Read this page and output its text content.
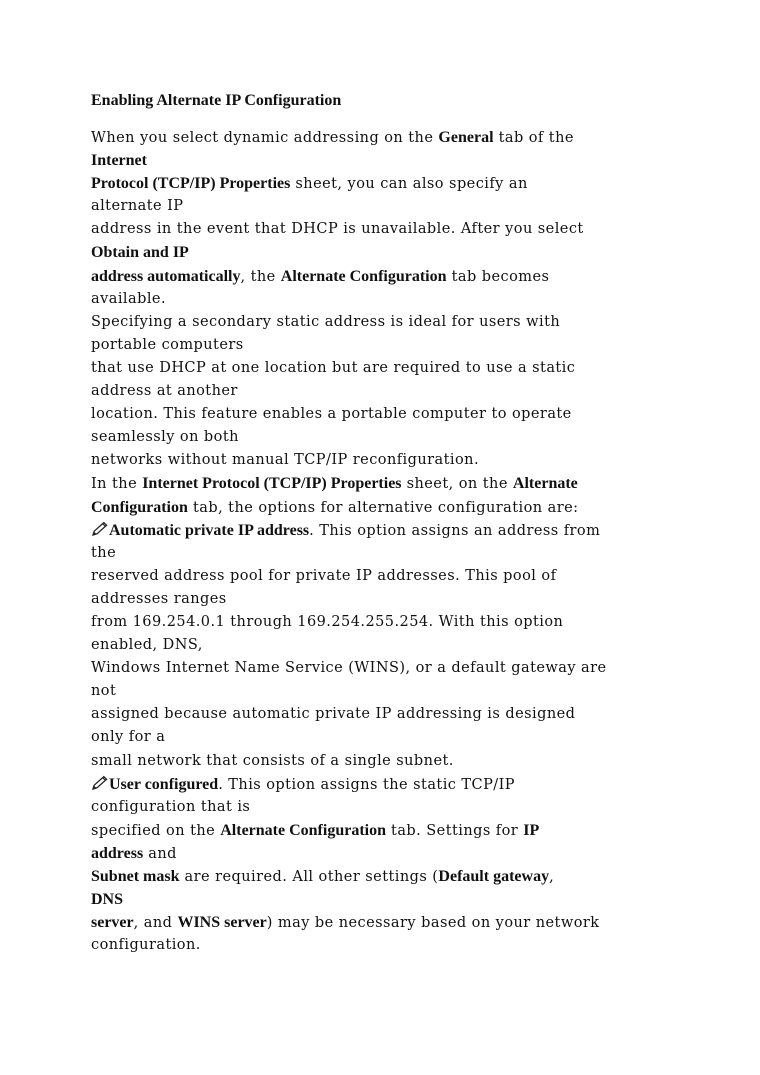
Enabling Alternate IP Configuration
When you select dynamic addressing on the General tab of the
Internet
Protocol (TCP/IP) Properties sheet, you can also specify an
alternate IP
address in the event that DHCP is unavailable. After you select
Obtain and IP
address automatically, the Alternate Configuration tab becomes
available.
Specifying a secondary static address is ideal for users with
portable computers
that use DHCP at one location but are required to use a static
address at another
location. This feature enables a portable computer to operate
seamlessly on both
networks without manual TCP/IP reconfiguration.
In the Internet Protocol (TCP/IP) Properties sheet, on the Alternate
Configuration tab, the options for alternative configuration are:
Automatic private IP address. This option assigns an address from
the
reserved address pool for private IP addresses. This pool of
addresses ranges
from 169.254.0.1 through 169.254.255.254. With this option
enabled, DNS,
Windows Internet Name Service (WINS), or a default gateway are
not
assigned because automatic private IP addressing is designed
only for a
small network that consists of a single subnet.
User configured. This option assigns the static TCP/IP
configuration that is
specified on the Alternate Configuration tab. Settings for IP
address and
Subnet mask are required. All other settings (Default gateway,
DNS
server, and WINS server) may be necessary based on your network
configuration.
